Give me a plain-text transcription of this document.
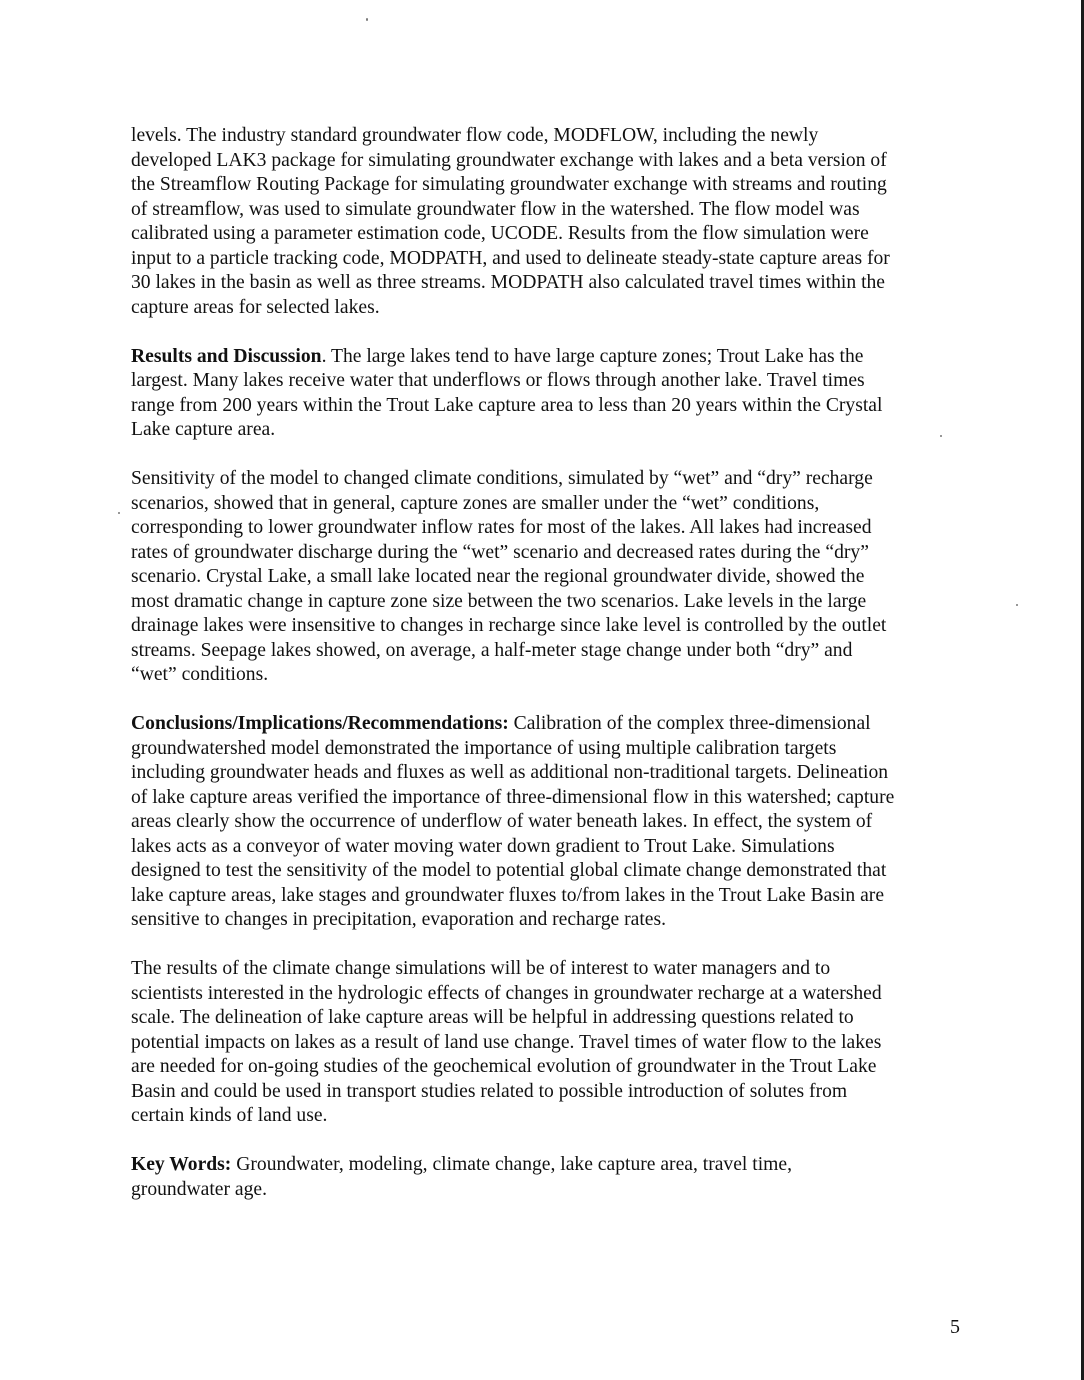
levels. The industry standard groundwater flow code, MODFLOW, including the newly
developed LAK3 package for simulating groundwater exchange with lakes and a beta version of
the Streamflow Routing Package for simulating groundwater exchange with streams and routing
of streamflow, was used to simulate groundwater flow in the watershed. The flow model was
calibrated using a parameter estimation code, UCODE. Results from the flow simulation were
input to a particle tracking code, MODPATH, and used to delineate steady-state capture areas for
30 lakes in the basin as well as three streams. MODPATH also calculated travel times within the
capture areas for selected lakes.
Results and Discussion. The large lakes tend to have large capture zones; Trout Lake has the
largest. Many lakes receive water that underflows or flows through another lake. Travel times
range from 200 years within the Trout Lake capture area to less than 20 years within the Crystal
Lake capture area.
Sensitivity of the model to changed climate conditions, simulated by “wet” and “dry” recharge
scenarios, showed that in general, capture zones are smaller under the “wet” conditions,
corresponding to lower groundwater inflow rates for most of the lakes. All lakes had increased
rates of groundwater discharge during the “wet” scenario and decreased rates during the “dry”
scenario. Crystal Lake, a small lake located near the regional groundwater divide, showed the
most dramatic change in capture zone size between the two scenarios. Lake levels in the large
drainage lakes were insensitive to changes in recharge since lake level is controlled by the outlet
streams. Seepage lakes showed, on average, a half-meter stage change under both “dry” and
“wet” conditions.
Conclusions/Implications/Recommendations: Calibration of the complex three-dimensional
groundwatershed model demonstrated the importance of using multiple calibration targets
including groundwater heads and fluxes as well as additional non-traditional targets. Delineation
of lake capture areas verified the importance of three-dimensional flow in this watershed; capture
areas clearly show the occurrence of underflow of water beneath lakes. In effect, the system of
lakes acts as a conveyor of water moving water down gradient to Trout Lake. Simulations
designed to test the sensitivity of the model to potential global climate change demonstrated that
lake capture areas, lake stages and groundwater fluxes to/from lakes in the Trout Lake Basin are
sensitive to changes in precipitation, evaporation and recharge rates.
The results of the climate change simulations will be of interest to water managers and to
scientists interested in the hydrologic effects of changes in groundwater recharge at a watershed
scale. The delineation of lake capture areas will be helpful in addressing questions related to
potential impacts on lakes as a result of land use change. Travel times of water flow to the lakes
are needed for on-going studies of the geochemical evolution of groundwater in the Trout Lake
Basin and could be used in transport studies related to possible introduction of solutes from
certain kinds of land use.
Key Words: Groundwater, modeling, climate change, lake capture area, travel time,
groundwater age.
5
